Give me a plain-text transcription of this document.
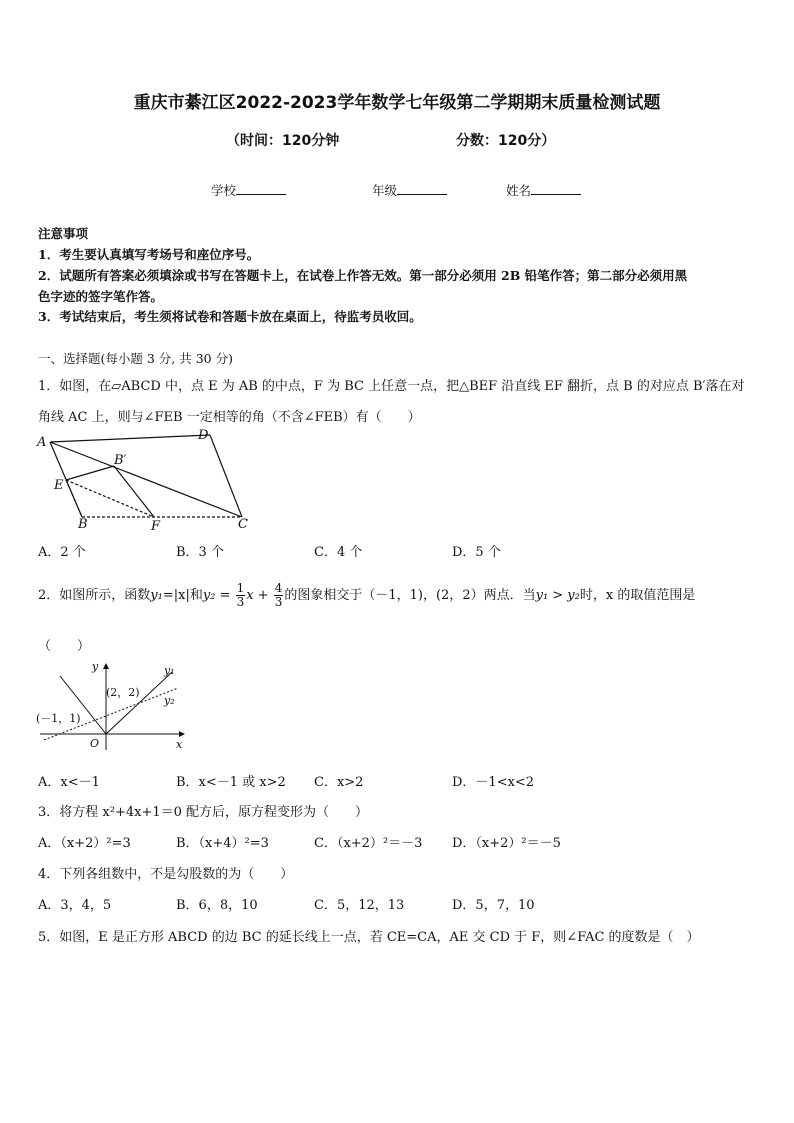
重庆市綦江区2022-2023学年数学七年级第二学期期末质量检测试题
（时间：120分钟	分数：120分）
学校	年级	姓名
注意事项
1．考生要认真填写考场号和座位序号。
2．试题所有答案必须填涂或书写在答题卡上，在试卷上作答无效。第一部分必须用 2B 铅笔作答；第二部分必须用黑
色字迹的签字笔作答。
3．考试结束后，考生须将试卷和答题卡放在桌面上，待监考员收回。
一、选择题(每小题 3 分, 共 30 分)
1．如图，在▱ABCD 中，点 E 为 AB 的中点，F 为 BC 上任意一点，把△BEF 沿直线 EF 翻折，点 B 的对应点 B′落在对
角线 AC 上，则与∠FEB 一定相等的角（不含∠FEB）有（　　）
A	D
B′
E
B	F	C
A．2 个	B．3 个	C．4 个	D．5 个
2．如图所示，函数y₁=|x|和$y_2 = \frac{1}{3}$ $x + \frac{4}{3}$ 的图象相交于（－1，1)，(2，2）两点．当y₁ > y₂时，x 的取值范围是
（　　）
y	y₁
y₂
(2，2)
(－1，1)
O	x
A．x<－1	B．x<－1 或 x>2 C．x>2	D．－1<x<2
3．将方程 x²+4x+1＝0 配方后，原方程变形为（　　）
A．（x+2）²=3	B．（x+4）²=3	C．（x+2）²＝－3 D．（x+2）²＝－5
4．下列各组数中，不是勾股数的为（　　）
A．3，4，5	B．6，8，10	C．5，12，13	D．5，7，10
5．如图，E 是正方形 ABCD 的边 BC 的延长线上一点，若 CE=CA，AE 交 CD 于 F，则∠FAC 的度数是（　）
